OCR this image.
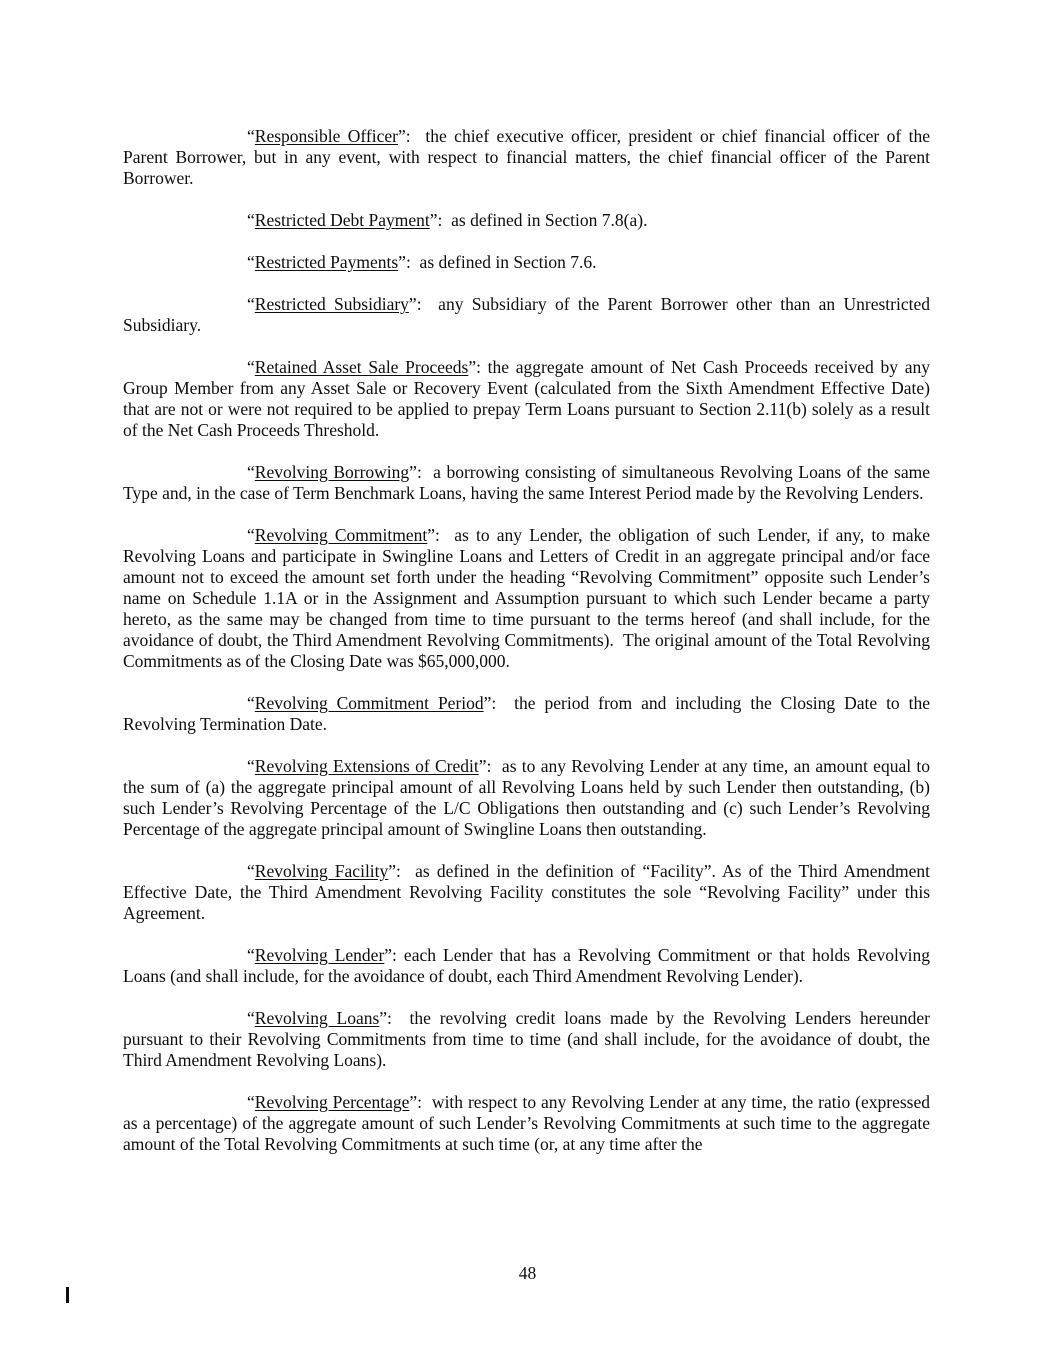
“Responsible Officer”:  the chief executive officer, president or chief financial officer of the Parent Borrower, but in any event, with respect to financial matters, the chief financial officer of the Parent Borrower.

“Restricted Debt Payment”:  as defined in Section 7.8(a).

“Restricted Payments”:  as defined in Section 7.6.

“Restricted Subsidiary”:  any Subsidiary of the Parent Borrower other than an Unrestricted Subsidiary.

“Retained Asset Sale Proceeds”: the aggregate amount of Net Cash Proceeds received by any Group Member from any Asset Sale or Recovery Event (calculated from the Sixth Amendment Effective Date) that are not or were not required to be applied to prepay Term Loans pursuant to Section 2.11(b) solely as a result of the Net Cash Proceeds Threshold.

“Revolving Borrowing”:  a borrowing consisting of simultaneous Revolving Loans of the same Type and, in the case of Term Benchmark Loans, having the same Interest Period made by the Revolving Lenders.

“Revolving Commitment”:  as to any Lender, the obligation of such Lender, if any, to make Revolving Loans and participate in Swingline Loans and Letters of Credit in an aggregate principal and/or face amount not to exceed the amount set forth under the heading “Revolving Commitment” opposite such Lender’s name on Schedule 1.1A or in the Assignment and Assumption pursuant to which such Lender became a party hereto, as the same may be changed from time to time pursuant to the terms hereof (and shall include, for the avoidance of doubt, the Third Amendment Revolving Commitments).  The original amount of the Total Revolving Commitments as of the Closing Date was $65,000,000.

“Revolving Commitment Period”:  the period from and including the Closing Date to the Revolving Termination Date.

“Revolving Extensions of Credit”:  as to any Revolving Lender at any time, an amount equal to the sum of (a) the aggregate principal amount of all Revolving Loans held by such Lender then outstanding, (b) such Lender’s Revolving Percentage of the L/C Obligations then outstanding and (c) such Lender’s Revolving Percentage of the aggregate principal amount of Swingline Loans then outstanding.

“Revolving Facility”:  as defined in the definition of “Facility”. As of the Third Amendment Effective Date, the Third Amendment Revolving Facility constitutes the sole “Revolving Facility” under this Agreement.

“Revolving Lender”: each Lender that has a Revolving Commitment or that holds Revolving Loans (and shall include, for the avoidance of doubt, each Third Amendment Revolving Lender).

“Revolving Loans”:  the revolving credit loans made by the Revolving Lenders hereunder pursuant to their Revolving Commitments from time to time (and shall include, for the avoidance of doubt, the Third Amendment Revolving Loans).

“Revolving Percentage”:  with respect to any Revolving Lender at any time, the ratio (expressed as a percentage) of the aggregate amount of such Lender’s Revolving Commitments at such time to the aggregate amount of the Total Revolving Commitments at such time (or, at any time after the

48
